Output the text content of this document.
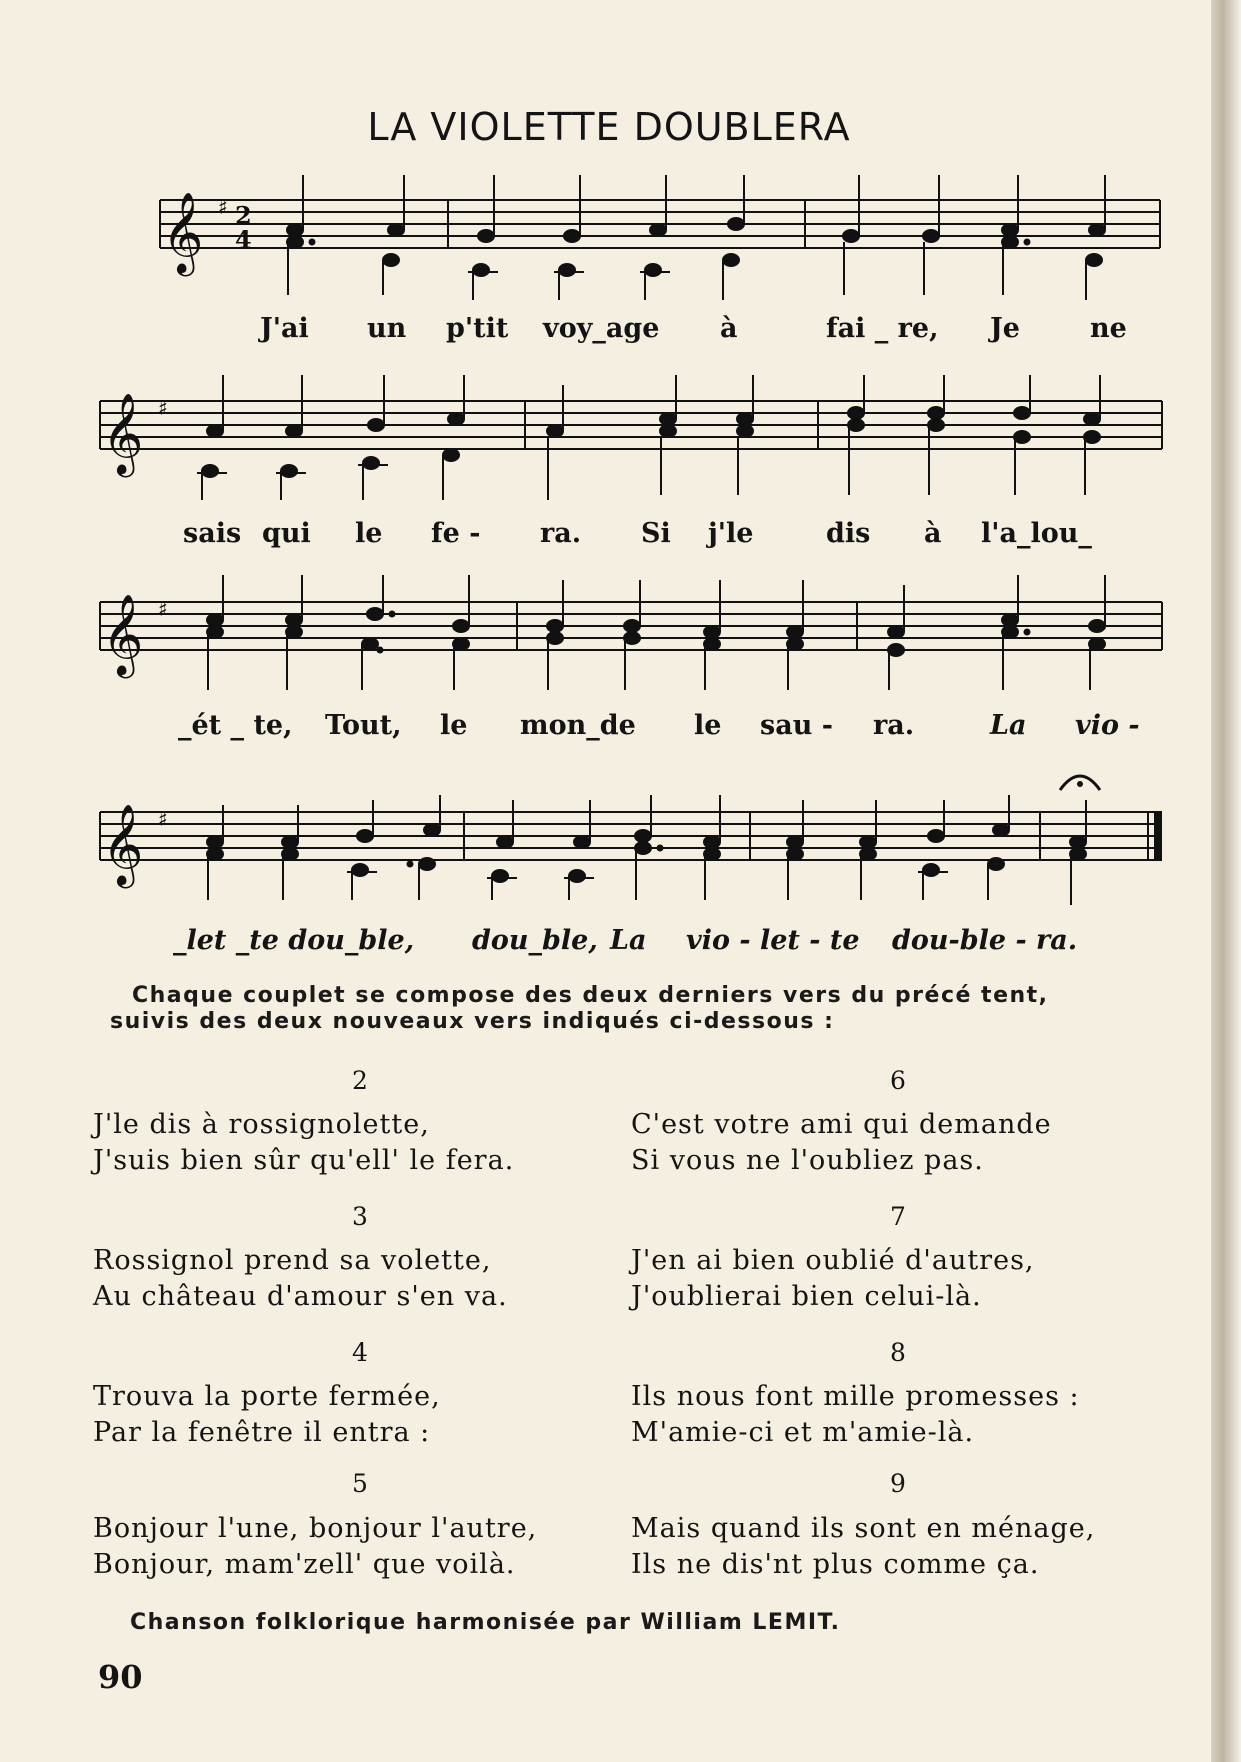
LA VIOLETTE DOUBLERA
𝄞 ♯ 2
4
J'ai un p'tit voy_age à	fai _ re, Je	ne
𝄞 ♯
sais qui le fe - ra. Si j'le	dis à l'a_lou_
𝄞 ♯
_ét _ te, Tout, le mon_de le sau - ra.	La vio -
𝄞 ♯
_let _te dou_ble, dou_ble, La vio - let - te dou-ble - ra.
Chaque couplet se compose des deux derniers vers du précé tent,
suivis des deux nouveaux vers indiqués ci-dessous :
2
J'le dis à rossignolette,
J'suis bien sûr qu'ell' le fera.
6
C'est votre ami qui demande
Si vous ne l'oubliez pas.
3
Rossignol prend sa volette,
Au château d'amour s'en va.
7
J'en ai bien oublié d'autres,
J'oublierai bien celui-là.
4
Trouva la porte fermée,
Par la fenêtre il entra :
8
Ils nous font mille promesses :
M'amie-ci et m'amie-là.
5
Bonjour l'une, bonjour l'autre,
Bonjour, mam'zell' que voilà.
9
Mais quand ils sont en ménage,
Ils ne dis'nt plus comme ça.
Chanson folklorique harmonisée par William LEMIT.
90
